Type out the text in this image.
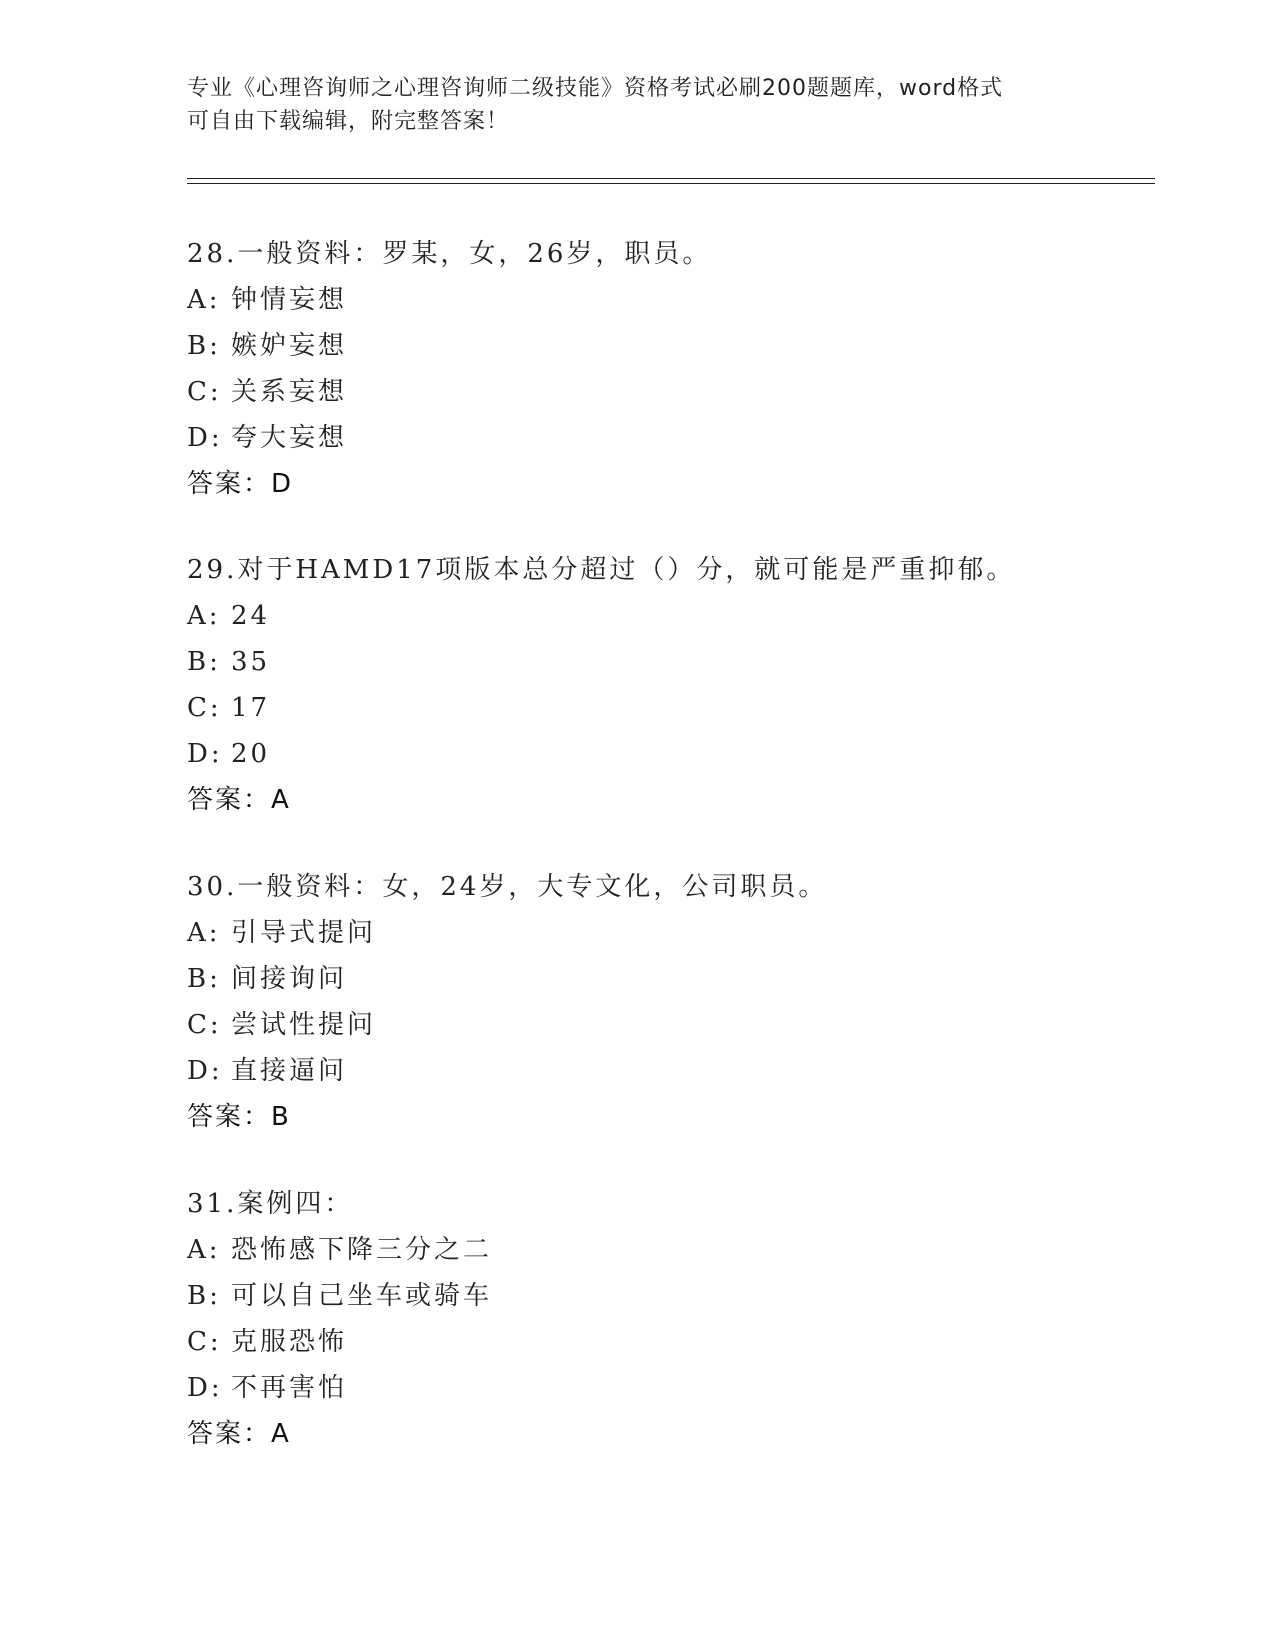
专业《心理咨询师之心理咨询师二级技能》资格考试必刷200题题库，word格式
可自由下载编辑，附完整答案！
28.一般资料：罗某，女，26岁，职员。
A: 钟情妄想
B: 嫉妒妄想
C: 关系妄想
D: 夸大妄想
答案：D
29.对于HAMD17项版本总分超过（）分，就可能是严重抑郁。
A: 24
B: 35
C: 17
D: 20
答案：A
30.一般资料：女，24岁，大专文化，公司职员。
A: 引导式提问
B: 间接询问
C: 尝试性提问
D: 直接逼问
答案：B
31.案例四：
A: 恐怖感下降三分之二
B: 可以自己坐车或骑车
C: 克服恐怖
D: 不再害怕
答案：A
